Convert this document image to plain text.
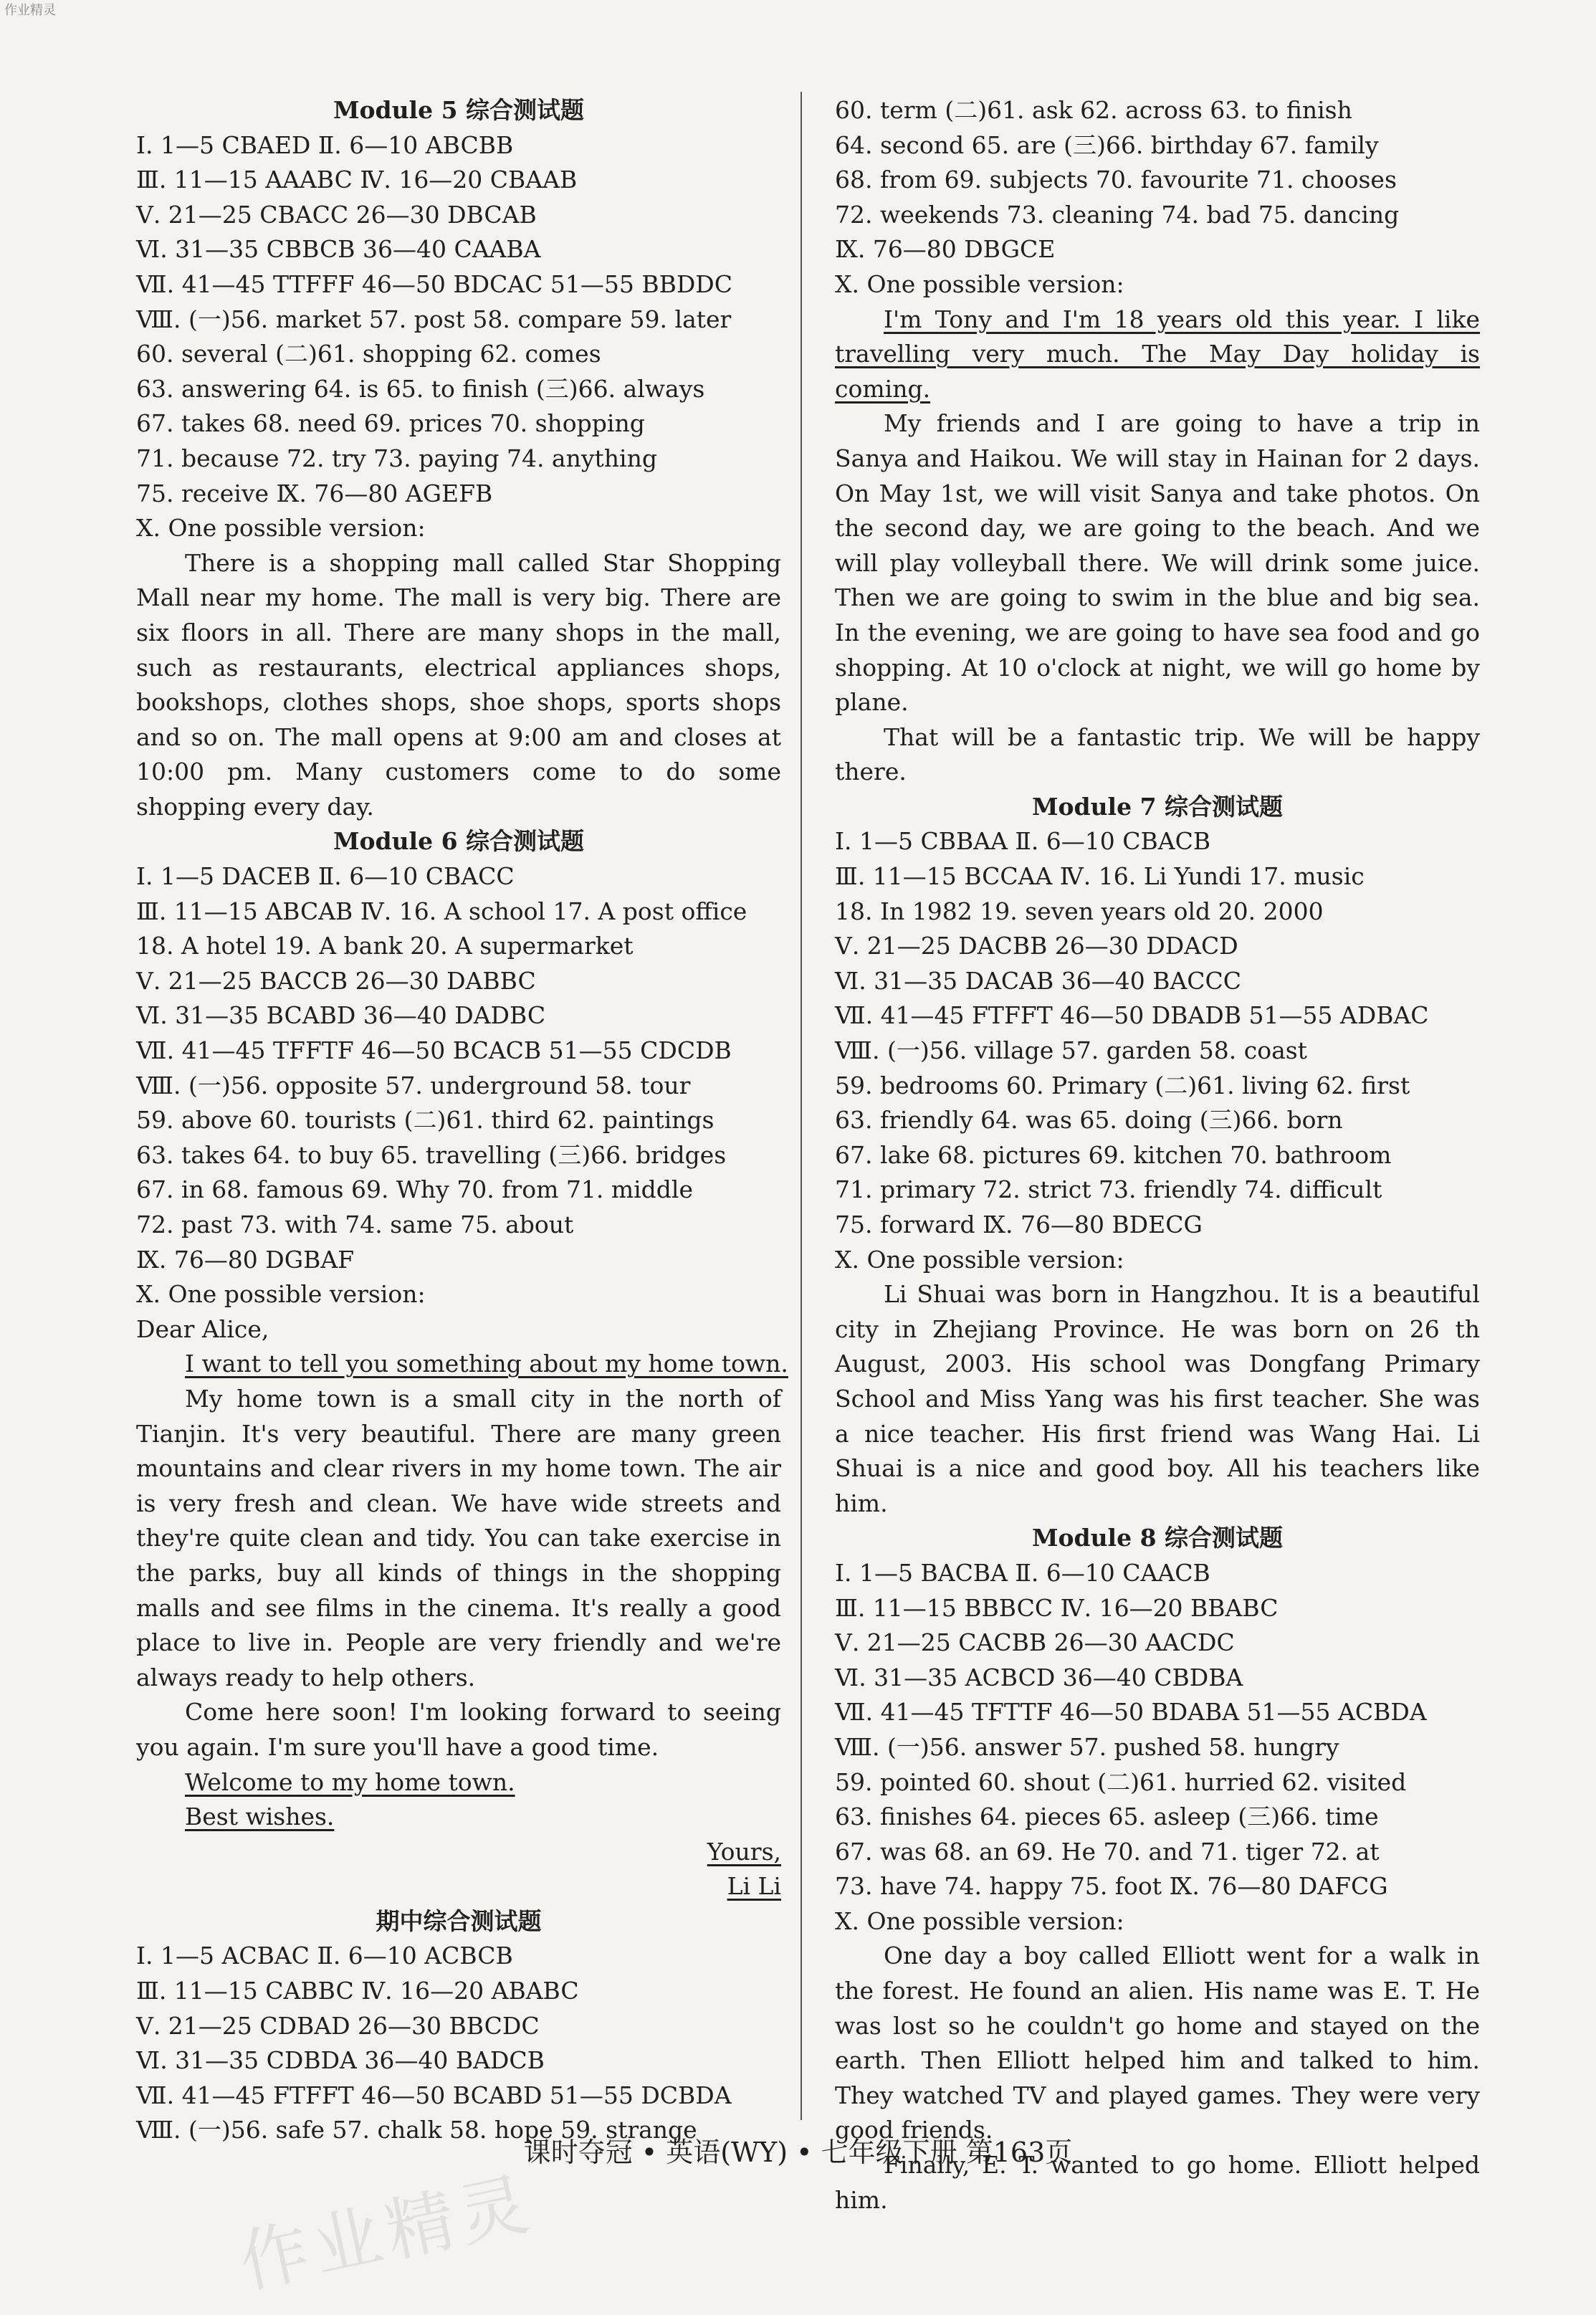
作业精灵
Module 5 综合测试题
Ⅰ. 1—5 CBAED Ⅱ. 6—10 ABCBB
Ⅲ. 11—15 AAABC Ⅳ. 16—20 CBAAB
Ⅴ. 21—25 CBACC 26—30 DBCAB
Ⅵ. 31—35 CBBCB 36—40 CAABA
Ⅶ. 41—45 TTFFF 46—50 BDCAC 51—55 BBDDC
Ⅷ. (一)56. market 57. post 58. compare 59. later
60. several (二)61. shopping 62. comes
63. answering 64. is 65. to finish (三)66. always
67. takes 68. need 69. prices 70. shopping
71. because 72. try 73. paying 74. anything
75. receive Ⅸ. 76—80 AGEFB
Ⅹ. One possible version:
There is a shopping mall called Star Shopping Mall near my home. The mall is very big. There are six floors in all. There are many shops in the mall, such as restaurants, electrical appliances shops, bookshops, clothes shops, shoe shops, sports shops and so on. The mall opens at 9:00 am and closes at 10:00 pm. Many customers come to do some shopping every day.
Module 6 综合测试题
Ⅰ. 1—5 DACEB Ⅱ. 6—10 CBACC
Ⅲ. 11—15 ABCAB Ⅳ. 16. A school 17. A post office
18. A hotel 19. A bank 20. A supermarket
Ⅴ. 21—25 BACCB 26—30 DABBC
Ⅵ. 31—35 BCABD 36—40 DADBC
Ⅶ. 41—45 TFFTF 46—50 BCACB 51—55 CDCDB
Ⅷ. (一)56. opposite 57. underground 58. tour
59. above 60. tourists (二)61. third 62. paintings
63. takes 64. to buy 65. travelling (三)66. bridges
67. in 68. famous 69. Why 70. from 71. middle
72. past 73. with 74. same 75. about
Ⅸ. 76—80 DGBAF
Ⅹ. One possible version:
Dear Alice,
I want to tell you something about my home town.
My home town is a small city in the north of Tianjin. It's very beautiful. There are many green mountains and clear rivers in my home town. The air is very fresh and clean. We have wide streets and they're quite clean and tidy. You can take exercise in the parks, buy all kinds of things in the shopping malls and see films in the cinema. It's really a good place to live in. People are very friendly and we're always ready to help others.
Come here soon! I'm looking forward to seeing you again. I'm sure you'll have a good time.
Welcome to my home town.
Best wishes.
Yours,
Li Li
期中综合测试题
Ⅰ. 1—5 ACBAC Ⅱ. 6—10 ACBCB
Ⅲ. 11—15 CABBC Ⅳ. 16—20 ABABC
Ⅴ. 21—25 CDBAD 26—30 BBCDC
Ⅵ. 31—35 CDBDA 36—40 BADCB
Ⅶ. 41—45 FTFFT 46—50 BCABD 51—55 DCBDA
Ⅷ. (一)56. safe 57. chalk 58. hope 59. strange
60. term (二)61. ask 62. across 63. to finish
64. second 65. are (三)66. birthday 67. family
68. from 69. subjects 70. favourite 71. chooses
72. weekends 73. cleaning 74. bad 75. dancing
Ⅸ. 76—80 DBGCE
Ⅹ. One possible version:
I'm Tony and I'm 18 years old this year. I like travelling very much. The May Day holiday is coming.
My friends and I are going to have a trip in Sanya and Haikou. We will stay in Hainan for 2 days. On May 1st, we will visit Sanya and take photos. On the second day, we are going to the beach. And we will play volleyball there. We will drink some juice. Then we are going to swim in the blue and big sea. In the evening, we are going to have sea food and go shopping. At 10 o'clock at night, we will go home by plane.
That will be a fantastic trip. We will be happy there.
Module 7 综合测试题
Ⅰ. 1—5 CBBAA Ⅱ. 6—10 CBACB
Ⅲ. 11—15 BCCAA Ⅳ. 16. Li Yundi 17. music
18. In 1982 19. seven years old 20. 2000
Ⅴ. 21—25 DACBB 26—30 DDACD
Ⅵ. 31—35 DACAB 36—40 BACCC
Ⅶ. 41—45 FTFFT 46—50 DBADB 51—55 ADBAC
Ⅷ. (一)56. village 57. garden 58. coast
59. bedrooms 60. Primary (二)61. living 62. first
63. friendly 64. was 65. doing (三)66. born
67. lake 68. pictures 69. kitchen 70. bathroom
71. primary 72. strict 73. friendly 74. difficult
75. forward Ⅸ. 76—80 BDECG
Ⅹ. One possible version:
Li Shuai was born in Hangzhou. It is a beautiful city in Zhejiang Province. He was born on 26 th August, 2003. His school was Dongfang Primary School and Miss Yang was his first teacher. She was a nice teacher. His first friend was Wang Hai. Li Shuai is a nice and good boy. All his teachers like him.
Module 8 综合测试题
Ⅰ. 1—5 BACBA Ⅱ. 6—10 CAACB
Ⅲ. 11—15 BBBCC Ⅳ. 16—20 BBABC
Ⅴ. 21—25 CACBB 26—30 AACDC
Ⅵ. 31—35 ACBCD 36—40 CBDBA
Ⅶ. 41—45 TFTTF 46—50 BDABA 51—55 ACBDA
Ⅷ. (一)56. answer 57. pushed 58. hungry
59. pointed 60. shout (二)61. hurried 62. visited
63. finishes 64. pieces 65. asleep (三)66. time
67. was 68. an 69. He 70. and 71. tiger 72. at
73. have 74. happy 75. foot Ⅸ. 76—80 DAFCG
Ⅹ. One possible version:
One day a boy called Elliott went for a walk in the forest. He found an alien. His name was E. T. He was lost so he couldn't go home and stayed on the earth. Then Elliott helped him and talked to him. They watched TV and played games. They were very good friends.
Finally, E. T. wanted to go home. Elliott helped him.
课时夺冠 • 英语(WY) • 七年级下册 第163页
作业精灵
